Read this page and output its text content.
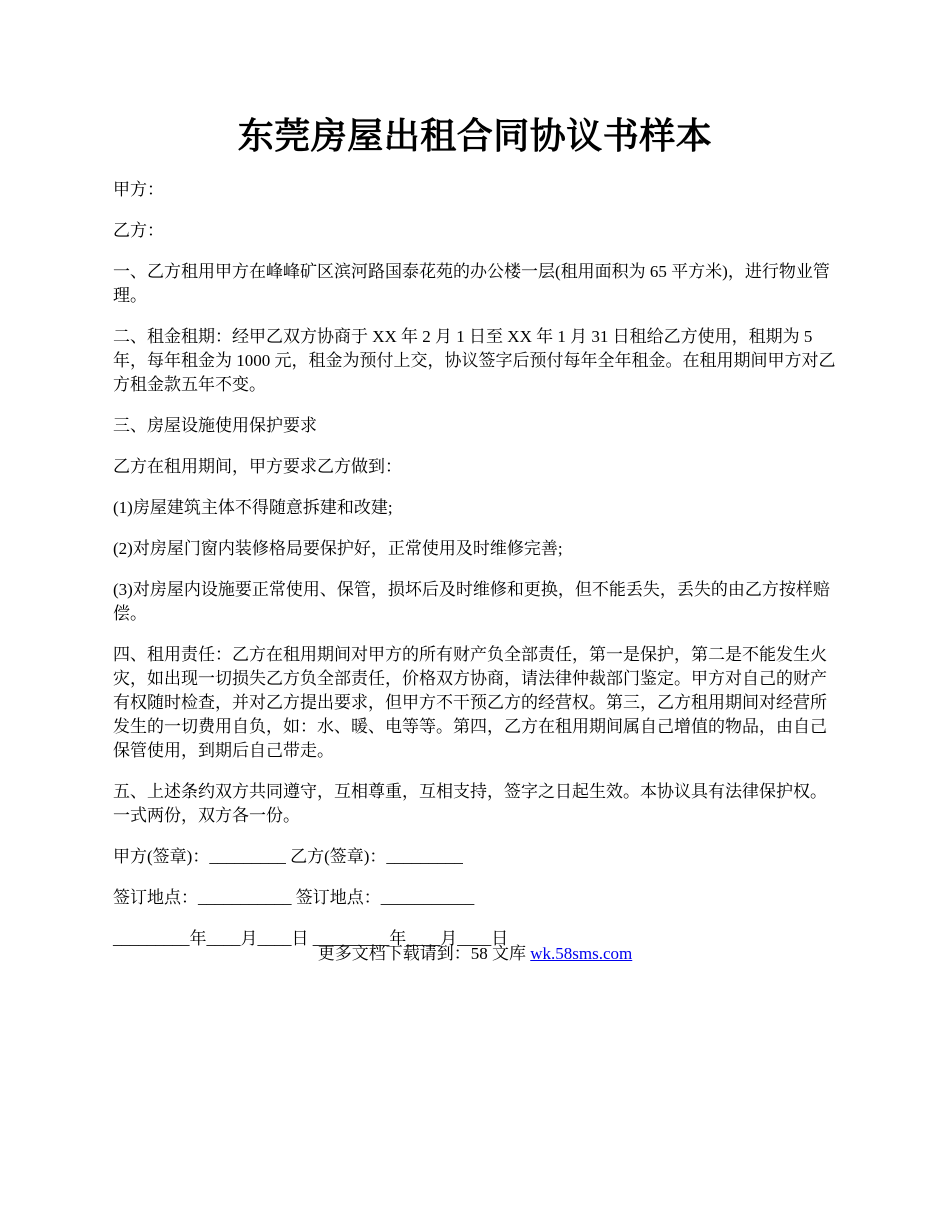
东莞房屋出租合同协议书样本

甲方：

乙方：

一、乙方租用甲方在峰峰矿区滨河路国泰花苑的办公楼一层(租用面积为 65 平方米)，进行物业管理。

二、租金租期：经甲乙双方协商于 XX 年 2 月 1 日至 XX 年 1 月 31 日租给乙方使用，租期为 5 年，每年租金为 1000 元，租金为预付上交，协议签字后预付每年全年租金。在租用期间甲方对乙方租金款五年不变。

三、房屋设施使用保护要求

乙方在租用期间，甲方要求乙方做到：

(1)房屋建筑主体不得随意拆建和改建;

(2)对房屋门窗内装修格局要保护好，正常使用及时维修完善;

(3)对房屋内设施要正常使用、保管，损坏后及时维修和更换，但不能丢失，丢失的由乙方按样赔偿。

四、租用责任：乙方在租用期间对甲方的所有财产负全部责任，第一是保护，第二是不能发生火灾，如出现一切损失乙方负全部责任，价格双方协商，请法律仲裁部门鉴定。甲方对自己的财产有权随时检查，并对乙方提出要求，但甲方不干预乙方的经营权。第三，乙方租用期间对经营所发生的一切费用自负，如：水、暖、电等等。第四，乙方在租用期间属自己增值的物品，由自己保管使用，到期后自己带走。

五、上述条约双方共同遵守，互相尊重，互相支持，签字之日起生效。本协议具有法律保护权。一式两份，双方各一份。

甲方(签章)：_________ 乙方(签章)：_________
签订地点：___________ 签订地点：___________
_________年____月____日 _________年____月____日
更多文档下载请到：58 文库 wk.58sms.com
